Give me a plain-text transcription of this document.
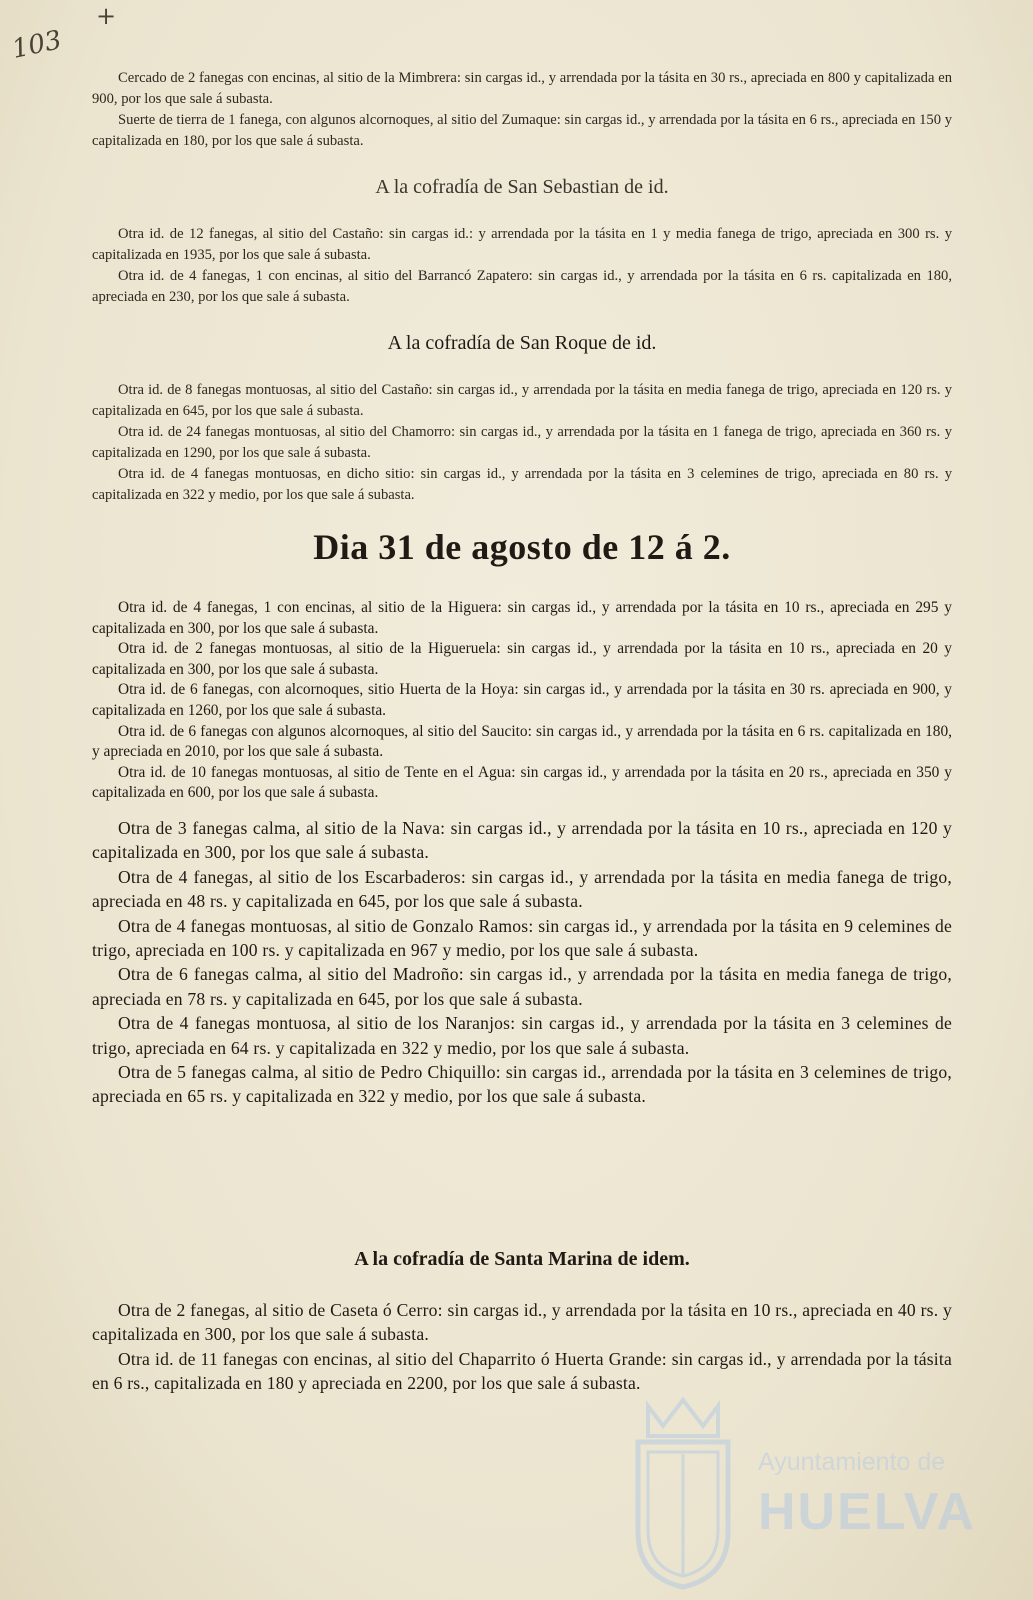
103
+

Cercado de 2 fanegas con encinas, al sitio de la Mimbrera: sin cargas id., y arrendada por la tásita en 30 rs., apreciada en 800 y capitalizada en 900, por los que sale á subasta.

Suerte de tierra de 1 fanega, con algunos alcornoques, al sitio del Zumaque: sin cargas id., y arrendada por la tásita en 6 rs., apreciada en 150 y capitalizada en 180, por los que sale á subasta.

A la cofradía de San Sebastian de id.

Otra id. de 12 fanegas, al sitio del Castaño: sin cargas id.: y arrendada por la tásita en 1 y media fanega de trigo, apreciada en 300 rs. y capitalizada en 1935, por los que sale á subasta.

Otra id. de 4 fanegas, 1 con encinas, al sitio del Barrancó Zapatero: sin cargas id., y arrendada por la tásita en 6 rs. capitalizada en 180, apreciada en 230, por los que sale á subasta.

A la cofradía de San Roque de id.

Otra id. de 8 fanegas montuosas, al sitio del Castaño: sin cargas id., y arrendada por la tásita en media fanega de trigo, apreciada en 120 rs. y capitalizada en 645, por los que sale á subasta.

Otra id. de 24 fanegas montuosas, al sitio del Chamorro: sin cargas id., y arrendada por la tásita en 1 fanega de trigo, apreciada en 360 rs. y capitalizada en 1290, por los que sale á subasta.

Otra id. de 4 fanegas montuosas, en dicho sitio: sin cargas id., y arrendada por la tásita en 3 celemines de trigo, apreciada en 80 rs. y capitalizada en 322 y medio, por los que sale á subasta.

Dia 31 de agosto de 12 á 2.

Otra id. de 4 fanegas, 1 con encinas, al sitio de la Higuera: sin cargas id., y arrendada por la tásita en 10 rs., apreciada en 295 y capitalizada en 300, por los que sale á subasta.

Otra id. de 2 fanegas montuosas, al sitio de la Higueruela: sin cargas id., y arrendada por la tásita en 10 rs., apreciada en 20 y capitalizada en 300, por los que sale á subasta.

Otra id. de 6 fanegas, con alcornoques, sitio Huerta de la Hoya: sin cargas id., y arrendada por la tásita en 30 rs. apreciada en 900, y capitalizada en 1260, por los que sale á subasta.

Otra id. de 6 fanegas con algunos alcornoques, al sitio del Saucito: sin cargas id., y arrendada por la tásita en 6 rs. capitalizada en 180, y apreciada en 2010, por los que sale á subasta.

Otra id. de 10 fanegas montuosas, al sitio de Tente en el Agua: sin cargas id., y arrendada por la tásita en 20 rs., apreciada en 350 y capitalizada en 600, por los que sale á subasta.

Otra de 3 fanegas calma, al sitio de la Nava: sin cargas id., y arrendada por la tásita en 10 rs., apreciada en 120 y capitalizada en 300, por los que sale á subasta.

Otra de 4 fanegas, al sitio de los Escarbaderos: sin cargas id., y arrendada por la tásita en media fanega de trigo, apreciada en 48 rs. y capitalizada en 645, por los que sale á subasta.

Otra de 4 fanegas montuosas, al sitio de Gonzalo Ramos: sin cargas id., y arrendada por la tásita en 9 celemines de trigo, apreciada en 100 rs. y capitalizada en 967 y medio, por los que sale á subasta.

Otra de 6 fanegas calma, al sitio del Madroño: sin cargas id., y arrendada por la tásita en media fanega de trigo, apreciada en 78 rs. y capitalizada en 645, por los que sale á subasta.

Otra de 4 fanegas montuosa, al sitio de los Naranjos: sin cargas id., y arrendada por la tásita en 3 celemines de trigo, apreciada en 64 rs. y capitalizada en 322 y medio, por los que sale á subasta.

Otra de 5 fanegas calma, al sitio de Pedro Chiquillo: sin cargas id., arrendada por la tásita en 3 celemines de trigo, apreciada en 65 rs. y capitalizada en 322 y medio, por los que sale á subasta.

A la cofradía de Santa Marina de idem.

Otra de 2 fanegas, al sitio de Caseta ó Cerro: sin cargas id., y arrendada por la tásita en 10 rs., apreciada en 40 rs. y capitalizada en 300, por los que sale á subasta.

Otra id. de 11 fanegas con encinas, al sitio del Chaparrito ó Huerta Grande: sin cargas id., y arrendada por la tásita en 6 rs., capitalizada en 180 y apreciada en 2200, por los que sale á subasta.

Ayuntamiento de
HUELVA
